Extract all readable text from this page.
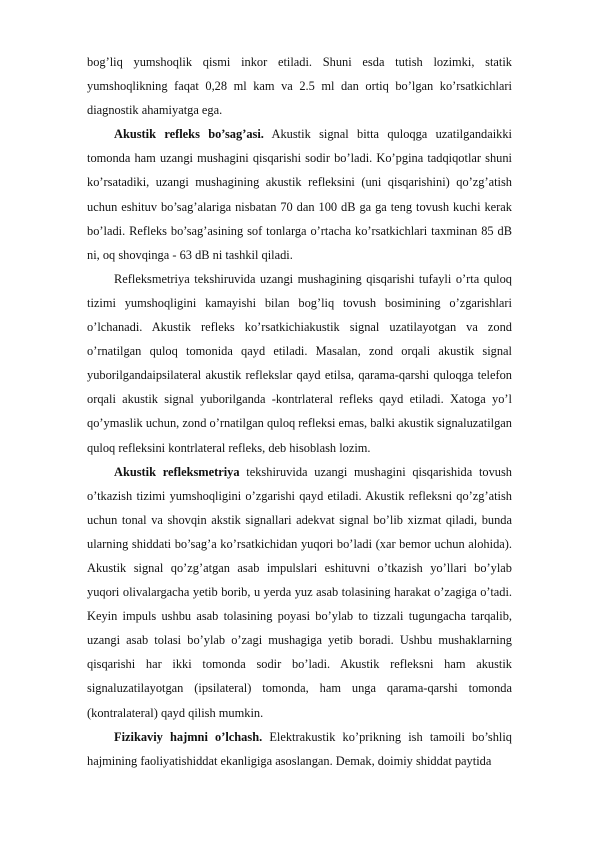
bog’liq yumshoqlik qismi inkor etiladi. Shuni esda tutish lozimki, statik yumshoqlikning faqat 0,28 ml kam va 2.5 ml dan ortiq bo’lgan ko’rsatkichlari diagnostik ahamiyatga ega.

Akustik refleks bo’sag’asi. Akustik signal bitta quloqga uzatilgandaikki tomonda ham uzangi mushagini qisqarishi sodir bo’ladi. Ko’pgina tadqiqotlar shuni ko’rsatadiki, uzangi mushagining akustik refleksini (uni qisqarishini) qo’zg’atish uchun eshituv bo’sag’alariga nisbatan 70 dan 100 dB ga ga teng tovush kuchi kerak bo’ladi. Refleks bo’sag’asining sof tonlarga o’rtacha ko’rsatkichlari taxminan 85 dB ni, oq shovqinga - 63 dB ni tashkil qiladi.

Refleksmetriya tekshiruvida uzangi mushagining qisqarishi tufayli o’rta quloq tizimi yumshoqligini kamayishi bilan bog’liq tovush bosimining o’zgarishlari o’lchanadi. Akustik refleks ko’rsatkichiakustik signal uzatilayotgan va zond o’rnatilgan quloq tomonida qayd etiladi. Masalan, zond orqali akustik signal yuborilgandaipsilateral akustik reflekslar qayd etilsa, qarama-qarshi quloqga telefon orqali akustik signal yuborilganda -kontrlateral refleks qayd etiladi. Xatoga yo’l qo’ymaslik uchun, zond o’rnatilgan quloq refleksi emas, balki akustik signaluzatilgan quloq refleksini kontrlateral refleks, deb hisoblash lozim.

Akustik refleksmetriya tekshiruvida uzangi mushagini qisqarishida tovush o’tkazish tizimi yumshoqligini o’zgarishi qayd etiladi. Akustik refleksni qo’zg’atish uchun tonal va shovqin akstik signallari adekvat signal bo’lib xizmat qiladi, bunda ularning shiddati bo’sag’a ko’rsatkichidan yuqori bo’ladi (xar bemor uchun alohida). Akustik signal qo’zg’atgan asab impulslari eshituvni o’tkazish yo’llari bo’ylab yuqori olivalargacha yetib borib, u yerda yuz asab tolasining harakat o’zagiga o’tadi. Keyin impuls ushbu asab tolasining poyasi bo’ylab to tizzali tugungacha tarqalib, uzangi asab tolasi bo’ylab o’zagi mushagiga yetib boradi. Ushbu mushaklarning qisqarishi har ikki tomonda sodir bo’ladi. Akustik refleksni ham akustik signaluzatilayotgan (ipsilateral) tomonda, ham unga qarama-qarshi tomonda (kontralateral) qayd qilish mumkin.

Fizikaviy hajmni o’lchash. Elektrakustik ko’prikning ish tamoili bo’shliq hajmining faoliyatishiddat ekanligiga asoslangan. Demak, doimiy shiddat paytida
